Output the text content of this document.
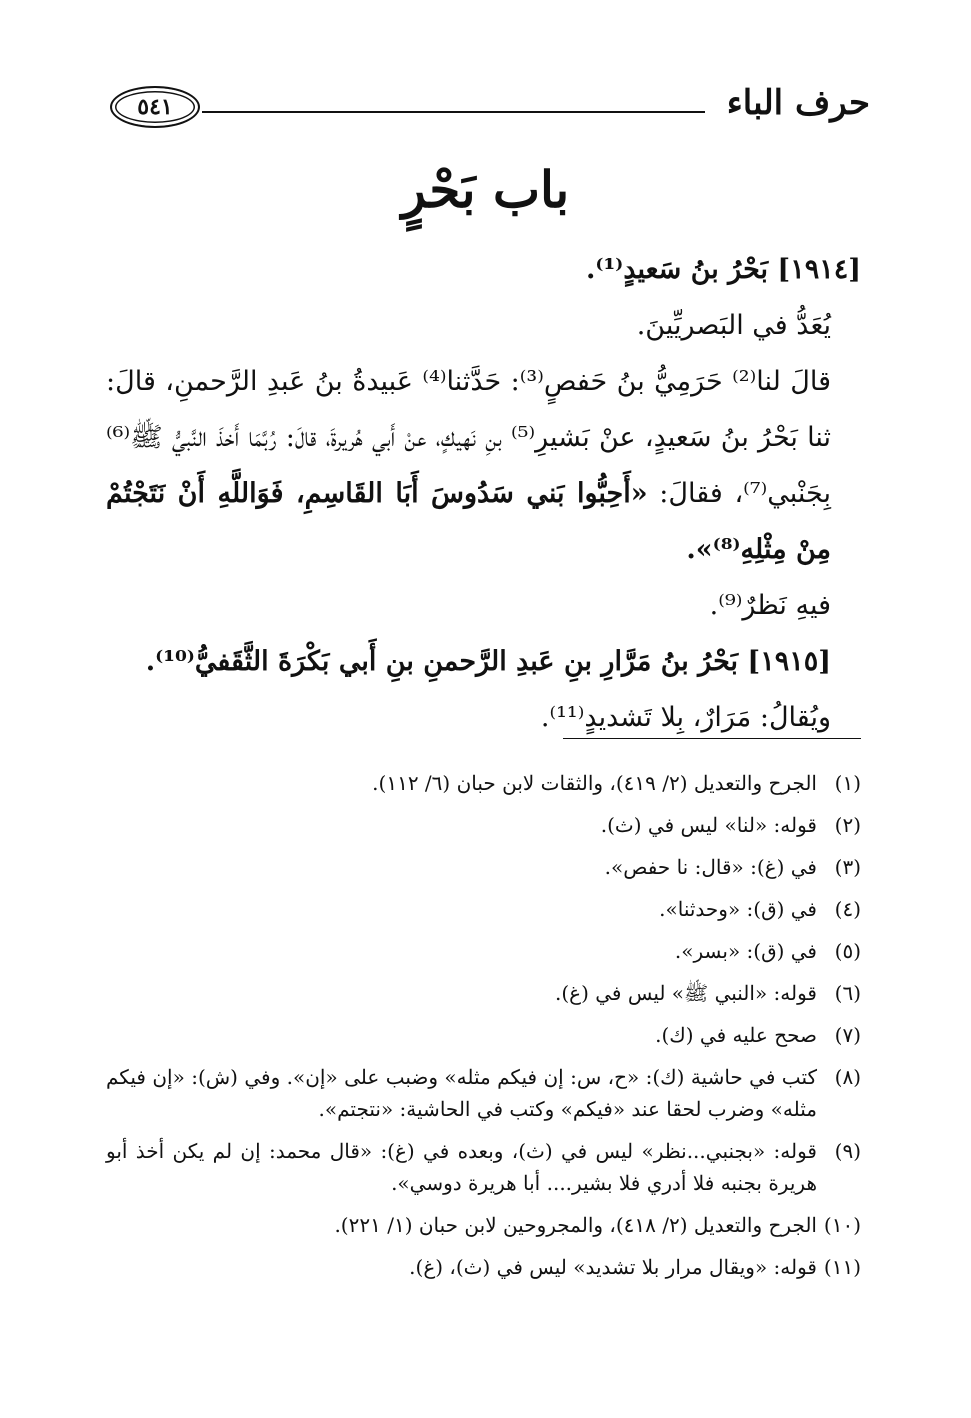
حرف الباء
٥٤١
باب بَحْرٍ

[١٩١٤] بَحْرُ بنُ سَعيدٍ⁽¹⁾.

يُعَدُّ في البَصريِّينَ.

قالَ لنا⁽²⁾ حَرَمِيُّ بنُ حَفصٍ⁽³⁾: حَدَّثنا⁽⁴⁾ عَبيدةُ بنُ عَبدِ الرَّحمنِ، قالَ: ثنا بَحْرُ بنُ سَعيدٍ، عنْ بَشيرِ⁽⁵⁾ بنِ نَهيكٍ، عنْ أَبي هُريرةَ، قالَ: رُبَّمَا أَخذَ النَّبيُّ ﷺ⁽⁶⁾ بِجَنْبي⁽⁷⁾، فقالَ: «أَحِبُّوا بَني سَدُوسَ أَبَا القَاسِمِ، فَوَاللَّهِ أَنْ نَتَجْتُمْ مِنْ مِثْلِهِ⁽⁸⁾».

فيهِ نَظرٌ⁽⁹⁾.

[١٩١٥] بَحْرُ بنُ مَرَّارِ بنِ عَبدِ الرَّحمنِ بنِ أَبي بَكْرَةَ الثَّقَفيُّ⁽¹⁰⁾.

ويُقالُ: مَرَارٌ، بِلا تَشديدٍ⁽¹¹⁾.

(١)
الجرح والتعديل (٢/ ٤١٩)، والثقات لابن حبان (٦/ ١١٢).
(٢)
قوله: «لنا» ليس في (ث).
(٣)
في (غ): «قال: نا حفص».
(٤)
في (ق): «وحدثنا».
(٥)
في (ق): «بسر».
(٦)
قوله: «النبي ﷺ» ليس في (غ).
(٧)
صحح عليه في (ك).
(٨)
كتب في حاشية (ك): «ح، س: إن فيكم مثله» وضبب على «إن». وفي (ش): «إن فيكم مثله» وضرب لحقا عند «فيكم» وكتب في الحاشية: «نتجتم».
(٩)
قوله: «بجنبي...نظر» ليس في (ث)، وبعده في (غ): «قال محمد: إن لم يكن أخذ أبو هريرة بجنبه فلا أدري فلا بشير.... أبا هريرة دوسي».
(١٠)
الجرح والتعديل (٢/ ٤١٨)، والمجروحين لابن حبان (١/ ٢٢١).
(١١)
قوله: «ويقال مرار بلا تشديد» ليس في (ث)، (غ).
